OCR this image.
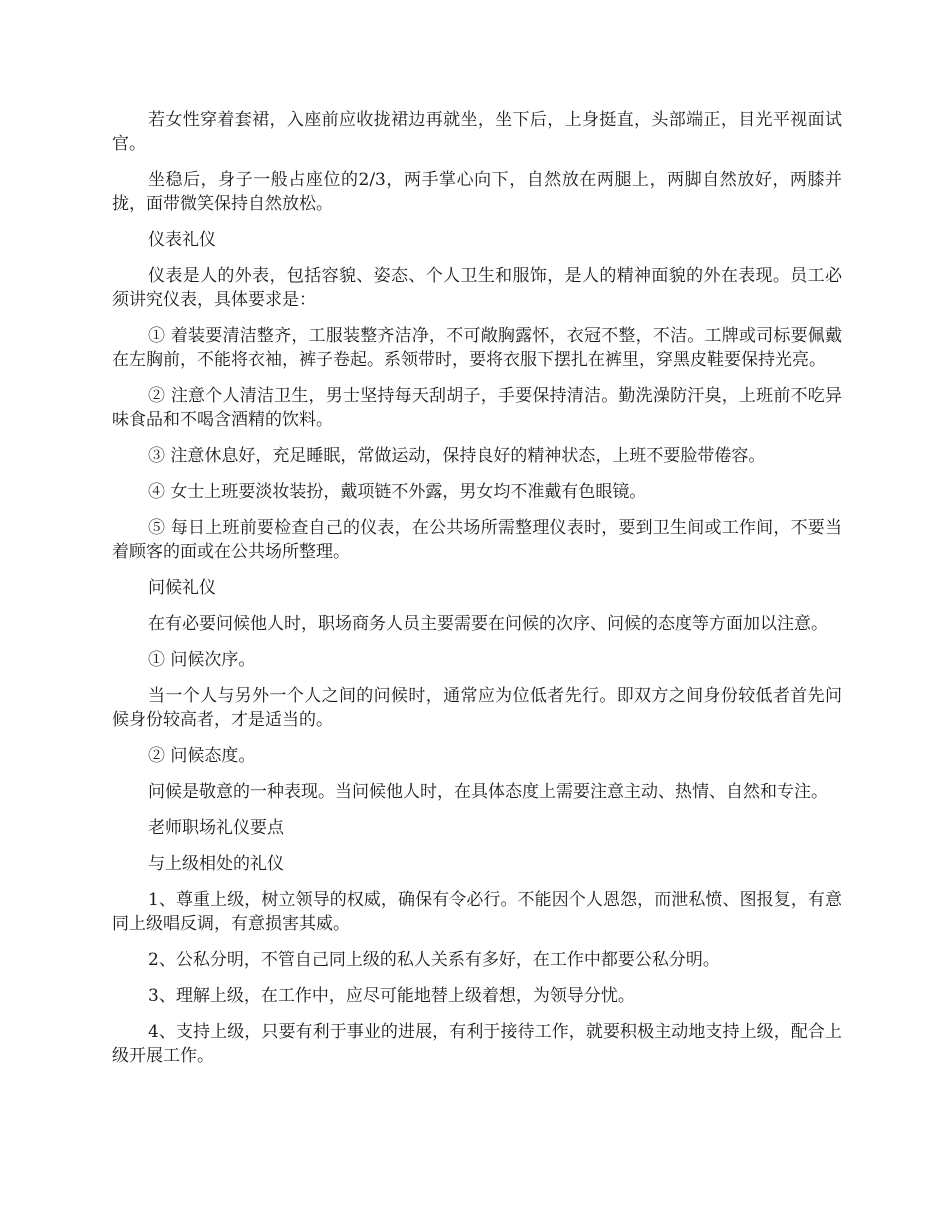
若女性穿着套裙，入座前应收拢裙边再就坐，坐下后，上身挺直，头部端正，目光平视面试官。

坐稳后，身子一般占座位的2/3，两手掌心向下，自然放在两腿上，两脚自然放好，两膝并拢，面带微笑保持自然放松。

仪表礼仪

仪表是人的外表，包括容貌、姿态、个人卫生和服饰，是人的精神面貌的外在表现。员工必须讲究仪表，具体要求是：

① 着装要清洁整齐，工服装整齐洁净，不可敞胸露怀，衣冠不整，不洁。工牌或司标要佩戴在左胸前，不能将衣袖，裤子卷起。系领带时，要将衣服下摆扎在裤里，穿黑皮鞋要保持光亮。

② 注意个人清洁卫生，男士坚持每天刮胡子，手要保持清洁。勤洗澡防汗臭，上班前不吃异味食品和不喝含酒精的饮料。

③ 注意休息好，充足睡眠，常做运动，保持良好的精神状态，上班不要脸带倦容。

④ 女士上班要淡妆装扮，戴项链不外露，男女均不准戴有色眼镜。

⑤ 每日上班前要检查自己的仪表，在公共场所需整理仪表时，要到卫生间或工作间，不要当着顾客的面或在公共场所整理。

问候礼仪

在有必要问候他人时，职场商务人员主要需要在问候的次序、问候的态度等方面加以注意。

① 问候次序。

当一个人与另外一个人之间的问候时，通常应为位低者先行。即双方之间身份较低者首先问候身份较高者，才是适当的。

② 问候态度。

问候是敬意的一种表现。当问候他人时，在具体态度上需要注意主动、热情、自然和专注。

老师职场礼仪要点

与上级相处的礼仪

1、尊重上级，树立领导的权威，确保有令必行。不能因个人恩怨，而泄私愤、图报复，有意同上级唱反调，有意损害其威。

2、公私分明，不管自己同上级的私人关系有多好，在工作中都要公私分明。

3、理解上级，在工作中，应尽可能地替上级着想，为领导分忧。

4、支持上级，只要有利于事业的进展，有利于接待工作，就要积极主动地支持上级，配合上级开展工作。
